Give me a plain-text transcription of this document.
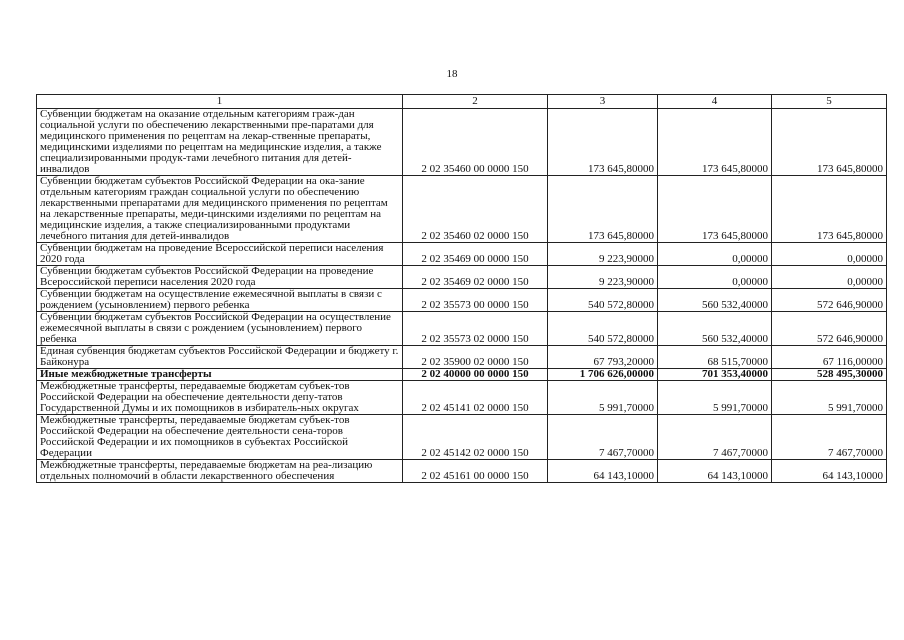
18
1	2	3	4	5
Субвенции бюджетам на оказание отдельным категориям граж-дан социальной услуги по обеспечению лекарственными пре-паратами для медицинского применения по рецептам на лекар-ственные препараты, медицинскими изделиями по рецептам на медицинские изделия, а также специализированными продук-тами лечебного питания для детей-инвалидов	2 02 35460 00 0000 150	173 645,80000	173 645,80000	173 645,80000
Субвенции бюджетам субъектов Российской Федерации на ока-зание отдельным категориям граждан социальной услуги по обеспечению лекарственными препаратами для медицинского применения по рецептам на лекарственные препараты, меди-цинскими изделиями по рецептам на медицинские изделия, а также специализированными продуктами лечебного питания для детей-инвалидов	2 02 35460 02 0000 150	173 645,80000	173 645,80000	173 645,80000
Субвенции бюджетам на проведение Всероссийской переписи населения 2020 года	2 02 35469 00 0000 150	9 223,90000	0,00000	0,00000
Субвенции бюджетам субъектов Российской Федерации на проведение Всероссийской переписи населения 2020 года	2 02 35469 02 0000 150	9 223,90000	0,00000	0,00000
Субвенции бюджетам на осуществление ежемесячной выплаты в связи с рождением (усыновлением) первого ребенка	2 02 35573 00 0000 150	540 572,80000	560 532,40000	572 646,90000
Субвенции бюджетам субъектов Российской Федерации на осуществление ежемесячной выплаты в связи с рождением (усыновлением) первого ребенка	2 02 35573 02 0000 150	540 572,80000	560 532,40000	572 646,90000
Единая субвенция бюджетам субъектов Российской Федерации и бюджету г. Байконура	2 02 35900 02 0000 150	67 793,20000	68 515,70000	67 116,00000
Иные межбюджетные трансферты	2 02 40000 00 0000 150	1 706 626,00000	701 353,40000	528 495,30000
Межбюджетные трансферты, передаваемые бюджетам субъек-тов Российской Федерации на обеспечение деятельности депу-татов Государственной Думы и их помощников в избиратель-ных округах	2 02 45141 02 0000 150	5 991,70000	5 991,70000	5 991,70000
Межбюджетные трансферты, передаваемые бюджетам субъек-тов Российской Федерации на обеспечение деятельности сена-торов Российской Федерации и их помощников в субъектах Российской Федерации	2 02 45142 02 0000 150	7 467,70000	7 467,70000	7 467,70000
Межбюджетные трансферты, передаваемые бюджетам на реа-лизацию отдельных полномочий в области лекарственного обеспечения	2 02 45161 00 0000 150	64 143,10000	64 143,10000	64 143,10000
